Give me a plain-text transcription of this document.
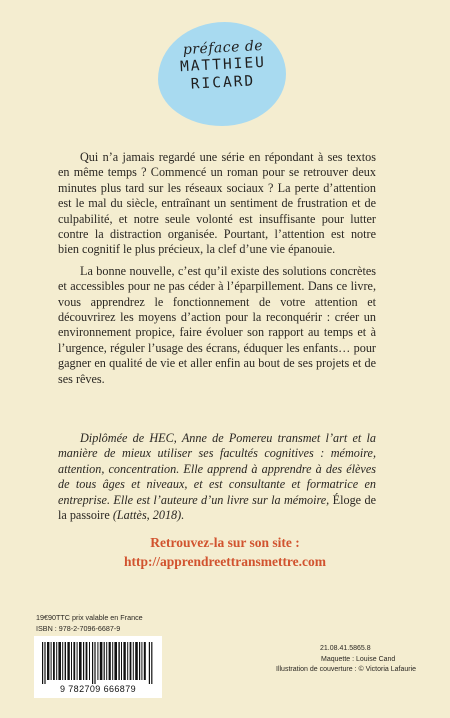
préface de
MATTHIEU
RICARD

Qui n’a jamais regardé une série en répondant à ses textos en même temps ? Commencé un roman pour se retrouver deux minutes plus tard sur les réseaux sociaux ? La perte d’attention est le mal du siècle, entraînant un sentiment de frustration et de culpabilité, et notre seule volonté est insuffisante pour lutter contre la distraction organisée. Pourtant, l’attention est notre bien cognitif le plus précieux, la clef d’une vie épanouie.

La bonne nouvelle, c’est qu’il existe des solutions concrètes et accessibles pour ne pas céder à l’éparpillement. Dans ce livre, vous apprendrez le fonctionnement de votre attention et découvrirez les moyens d’action pour la reconquérir : créer un environnement propice, faire évoluer son rapport au temps et à l’urgence, réguler l’usage des écrans, éduquer les enfants… pour gagner en qualité de vie et aller enfin au bout de ses projets et de ses rêves.

Diplômée de HEC, Anne de Pomereu transmet l’art et la manière de mieux utiliser ses facultés cognitives : mémoire, attention, concentration. Elle apprend à apprendre à des élèves de tous âges et niveaux, et est consultante et formatrice en entreprise. Elle est l’auteure d’un livre sur la mémoire, Éloge de la passoire (Lattès, 2018).
Retrouvez-la sur son site :
http://apprendreettransmettre.com
19€90TTC prix valable en France
ISBN : 978-2-7096-6687-9
9 782709 666879
21.08.41.5865.8
Maquette : Louise Cand
Illustration de couverture : © Victoria Lafaurie
